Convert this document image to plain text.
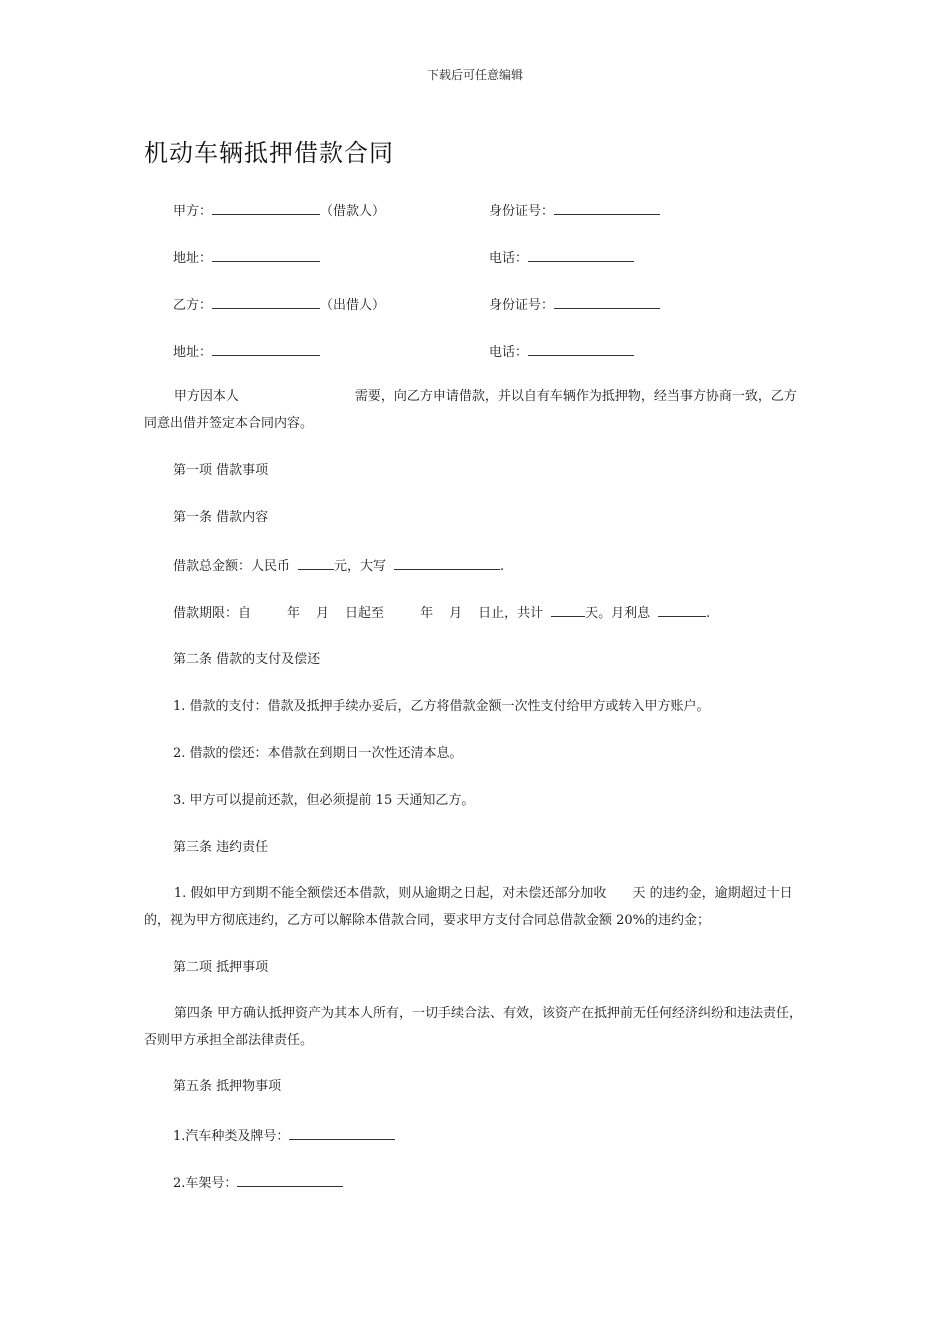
下载后可任意编辑
机动车辆抵押借款合同
甲方：	（借款人）	身份证号：
地址：	电话：
乙方：	（出借人）	身份证号：
地址：	电话：
甲方因本人	需要，向乙方申请借款，并以自有车辆作为抵押物，经当事方协商一致，乙方同意出借并签定本合同内容。
第一项 借款事项
第一条 借款内容
借款总金额：人民币	元，大写	.
借款期限：自	年 月 日起至	年 月 日止，共计	天。月利息	.
第二条 借款的支付及偿还
1. 借款的支付：借款及抵押手续办妥后，乙方将借款金额一次性支付给甲方或转入甲方账户。
2. 借款的偿还：本借款在到期日一次性还清本息。
3. 甲方可以提前还款，但必须提前 15 天通知乙方。
第三条 违约责任
1. 假如甲方到期不能全额偿还本借款，则从逾期之日起，对未偿还部分加收 天 的违约金，逾期超过十日的，视为甲方彻底违约，乙方可以解除本借款合同，要求甲方支付合同总借款金额 20%的违约金；
第二项 抵押事项
第四条 甲方确认抵押资产为其本人所有，一切手续合法、有效，该资产在抵押前无任何经济纠纷和违法责任，否则甲方承担全部法律责任。
第五条 抵押物事项
1.汽车种类及牌号：
2.车架号：
